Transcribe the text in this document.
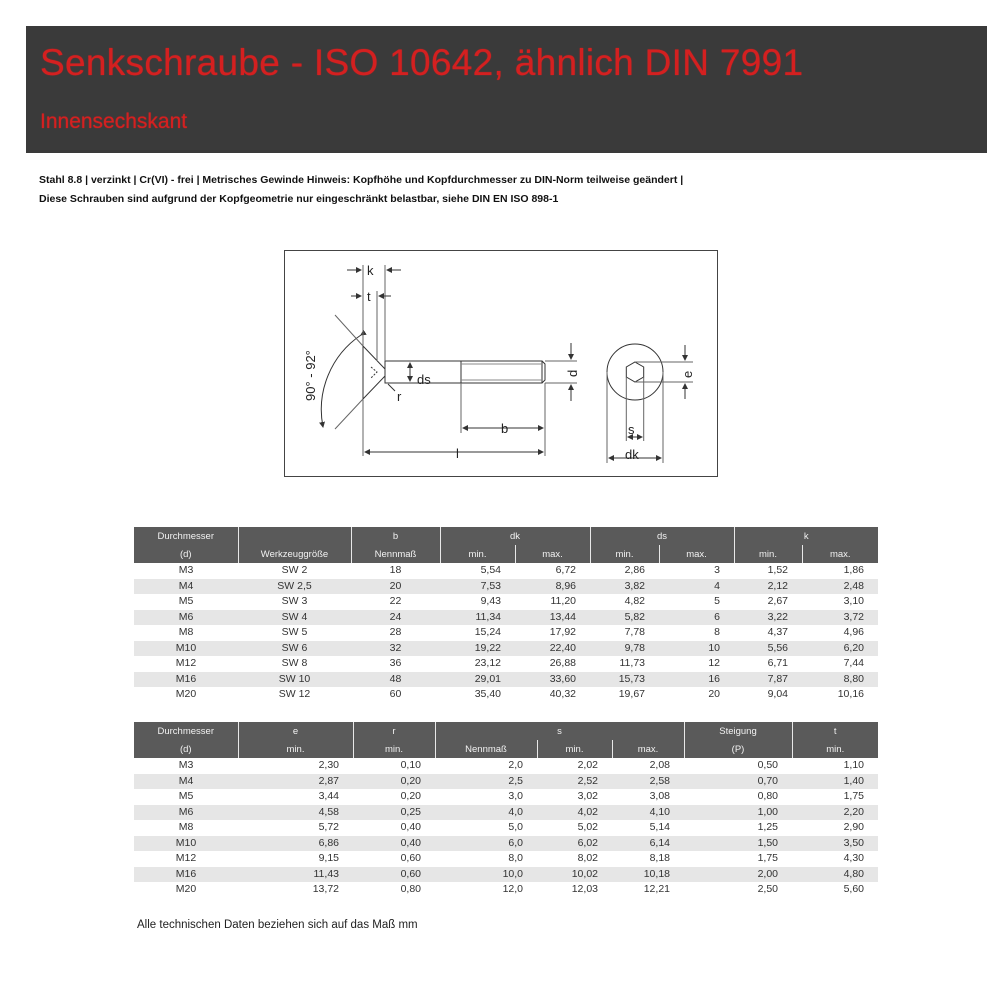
Senkschraube - ISO 10642, ähnlich DIN 7991
Innensechskant
Stahl 8.8 | verzinkt | Cr(VI) - frei | Metrisches Gewinde Hinweis: Kopfhöhe und Kopfdurchmesser zu DIN-Norm teilweise geändert |
Diese Schrauben sind aufgrund der Kopfgeometrie nur eingeschränkt belastbar, siehe DIN EN ISO 898-1
k
t
90° - 92°	ds	d
r
b
l
e
s
dk
Durchmesser		b	dk		ds		k	
(d)	Werkzeuggröße	Nennmaß	min.	max.	min.	max.	min.	max.
M3	SW 2	18	5,54	6,72	2,86	3	1,52	1,86
M4	SW 2,5	20	7,53	8,96	3,82	4	2,12	2,48
M5	SW 3	22	9,43	11,20	4,82	5	2,67	3,10
M6	SW 4	24	11,34	13,44	5,82	6	3,22	3,72
M8	SW 5	28	15,24	17,92	7,78	8	4,37	4,96
M10	SW 6	32	19,22	22,40	9,78	10	5,56	6,20
M12	SW 8	36	23,12	26,88	11,73	12	6,71	7,44
M16	SW 10	48	29,01	33,60	15,73	16	7,87	8,80
M20	SW 12	60	35,40	40,32	19,67	20	9,04	10,16
Durchmesser	e	r	s			Steigung	t
(d)	min.	min.	Nennmaß	min.	max.	(P)	min.
M3	2,30	0,10	2,0	2,02	2,08	0,50	1,10
M4	2,87	0,20	2,5	2,52	2,58	0,70	1,40
M5	3,44	0,20	3,0	3,02	3,08	0,80	1,75
M6	4,58	0,25	4,0	4,02	4,10	1,00	2,20
M8	5,72	0,40	5,0	5,02	5,14	1,25	2,90
M10	6,86	0,40	6,0	6,02	6,14	1,50	3,50
M12	9,15	0,60	8,0	8,02	8,18	1,75	4,30
M16	11,43	0,60	10,0	10,02	10,18	2,00	4,80
M20	13,72	0,80	12,0	12,03	12,21	2,50	5,60
Alle technischen Daten beziehen sich auf das Maß mm
